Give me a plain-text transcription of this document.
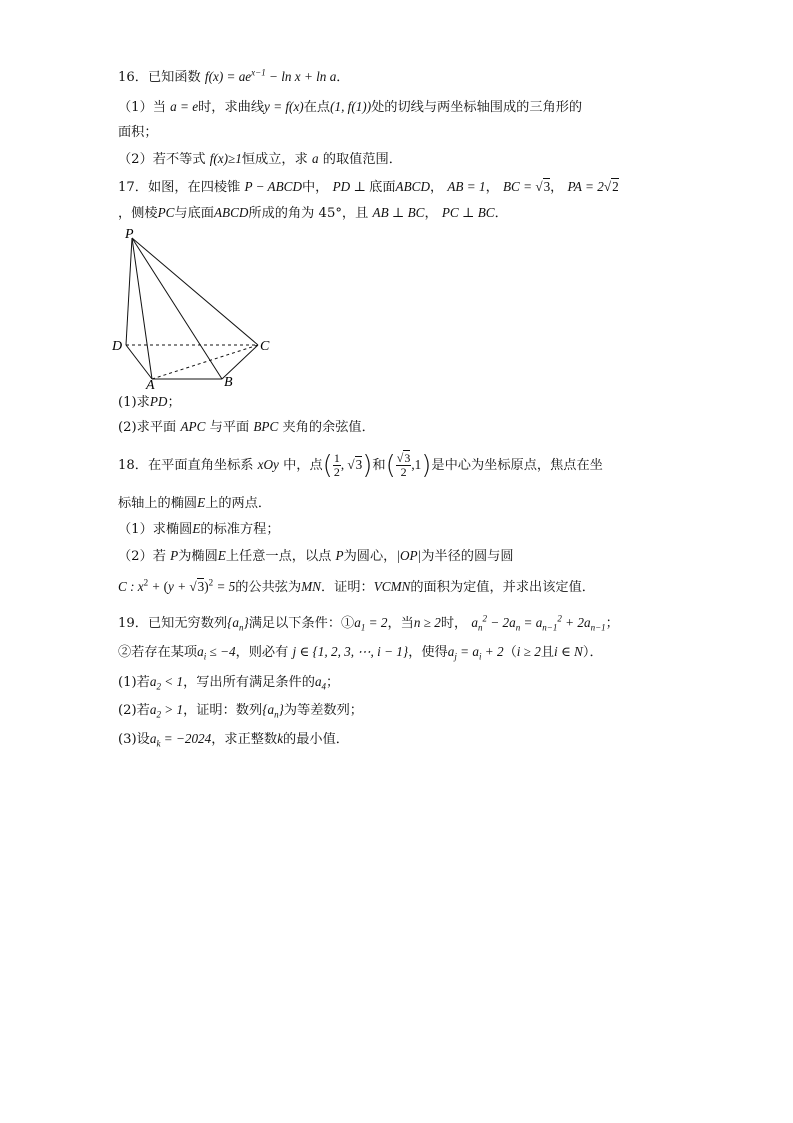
16．已知函数 $f(x) = ae^{x-1} - \ln x + \ln a$．
（1）当 a = e时，求曲线y = f(x)在点(1, f(1))处的切线与两坐标轴围成的三角形的
面积；
（2）若不等式 f(x)≥1恒成立，求 a 的取值范围．
17．如图，在四棱锥 P − ABCD中， PD ⊥ 底面ABCD， AB = 1， BC = √3， PA = 2√2
，侧棱PC与底面ABCD所成的角为 45°，且 AB ⊥ BC， PC ⊥ BC．
P
D	C
A	B
(1)求PD；
(2)求平面 APC 与平面 BPC 夹角的余弦值．
18．在平面直角坐标系 xOy 中，点( $\frac{1}{2}$ , √3)和( $\frac{√3}{2} ,1$)是中心为坐标原点，焦点在坐
标轴上的椭圆E上的两点．
（1）求椭圆E的标准方程；
（2）若 P为椭圆E上任意一点，以点 P为圆心，|OP|为半径的圆与圆
C : $x^2 + (y + √3)^2 = 5$的公共弦为MN．证明：VCMN的面积为定值，并求出该定值．
19．已知无穷数列$\{a_n\}$满足以下条件：$①a_1 = 2$，当n ≥ 2时， $a_n^2 - 2a_n = a_{n-1}^2 + 2a_{n-1}$；
②若存在某项$a_i \le -4$，则必有 j ∈ {1, 2, 3, ⋯, i − 1}，使得$a_j = a_i + 2(i \ge 2$且i ∈ N）．
(1)若$a_2 < 1$，写出所有满足条件的$a_4$；
(2)若$a_2 > 1$，证明：数列$\{a_n\}$为等差数列；
(3)设$a_k = -2024$，求正整数k的最小值．
